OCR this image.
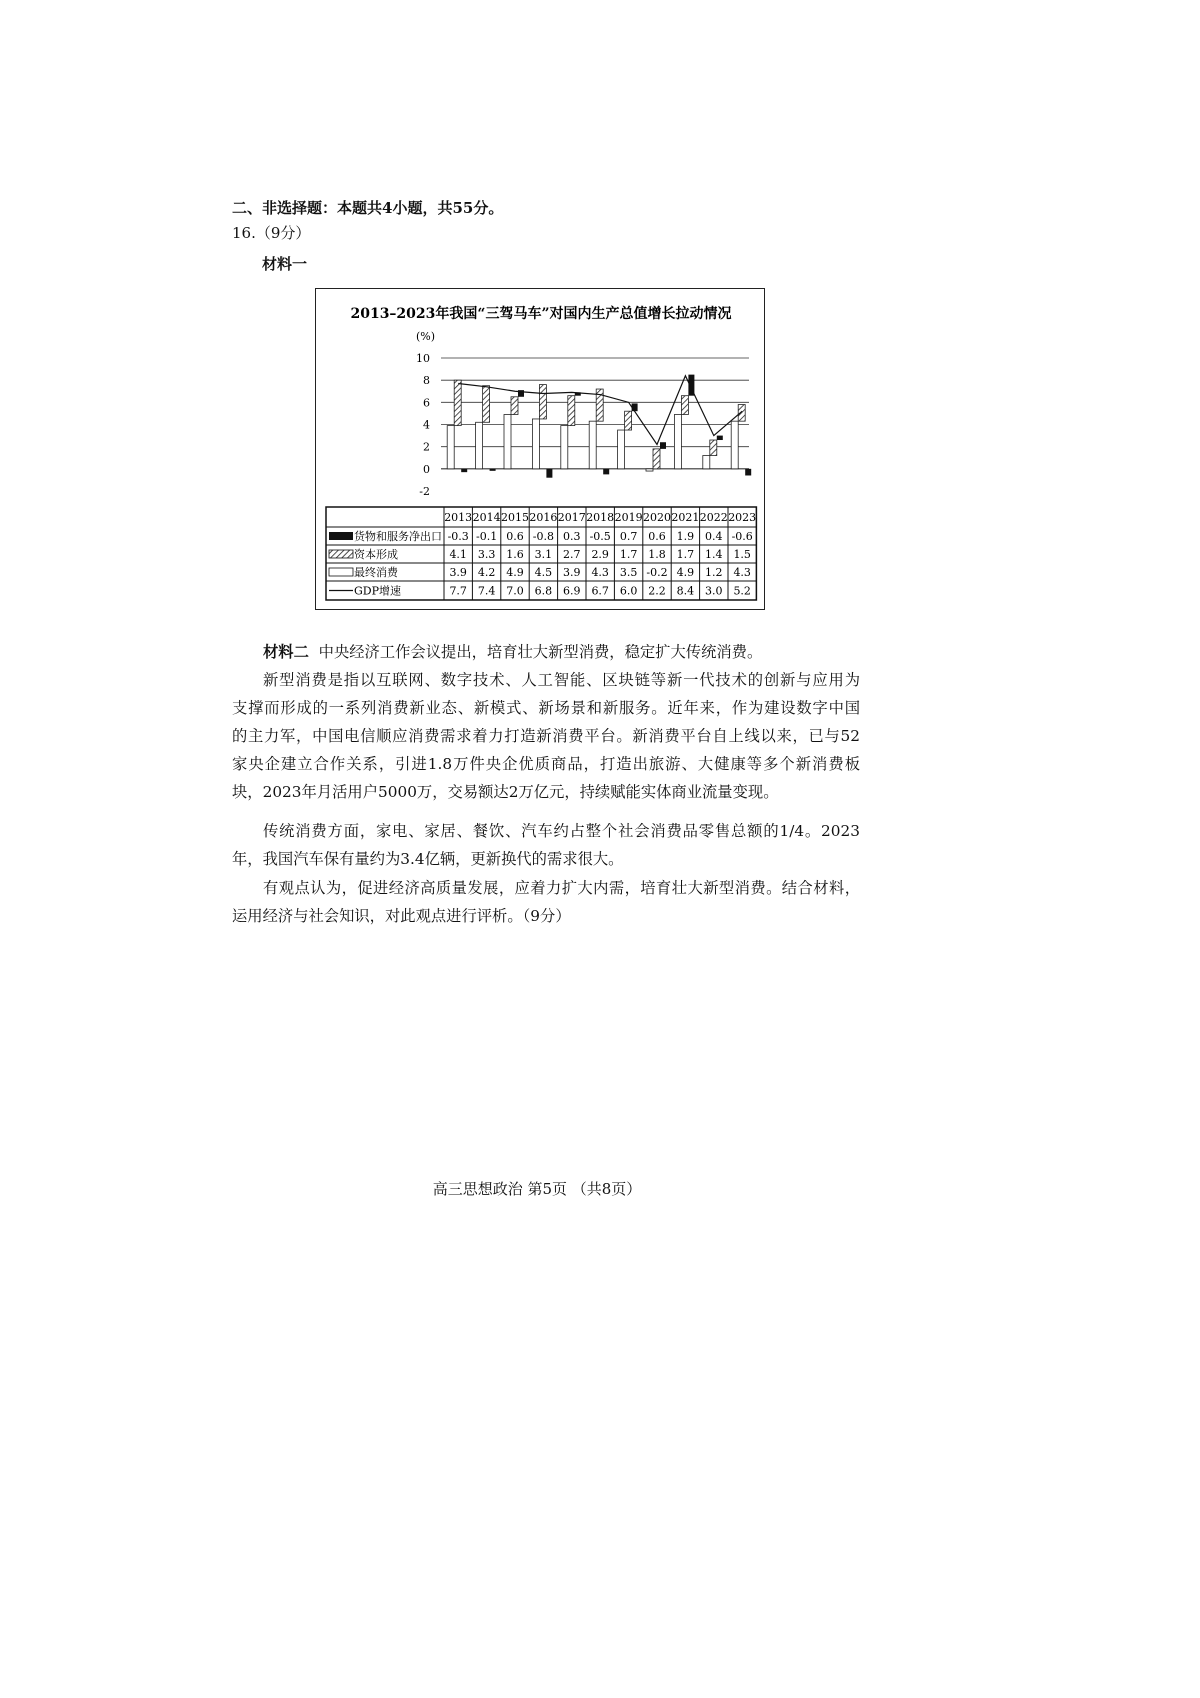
二、非选择题：本题共4小题，共55分。
16.（9分）
材料一
2013–2023年我国“三驾马车”对国内生产总值增长拉动情况
(%)
10
8
6
4
2
0
-2
2013 2014 2015 2016 2017 2018 2019 2020 2021 2022 2023
货物和服务净出口 -0.3 -0.1 0.6 -0.8 0.3 -0.5 0.7 0.6 1.9 0.4 -0.6
资本形成	4.1 3.3 1.6 3.1 2.7 2.9 1.7 1.8 1.7 1.4 1.5
最终消费	3.9 4.2 4.9 4.5 3.9 4.3 3.5 -0.2 4.9 1.2 4.3
GDP增速	7.7 7.4 7.0 6.8 6.9 6.7 6.0 2.2 8.4 3.0 5.2
材料二 中央经济工作会议提出，培育壮大新型消费，稳定扩大传统消费。
新型消费是指以互联网、数字技术、人工智能、区块链等新一代技术的创新与应用为
支撑而形成的一系列消费新业态、新模式、新场景和新服务。近年来，作为建设数字中国
的主力军，中国电信顺应消费需求着力打造新消费平台。新消费平台自上线以来，已与52
家央企建立合作关系，引进1.8万件央企优质商品，打造出旅游、大健康等多个新消费板
块，2023年月活用户5000万，交易额达2万亿元，持续赋能实体商业流量变现。
传统消费方面，家电、家居、餐饮、汽车约占整个社会消费品零售总额的1/4。2023
年，我国汽车保有量约为3.4亿辆，更新换代的需求很大。
有观点认为，促进经济高质量发展，应着力扩大内需，培育壮大新型消费。结合材料，
运用经济与社会知识，对此观点进行评析。（9分）
高三思想政治 第5页 （共8页）
